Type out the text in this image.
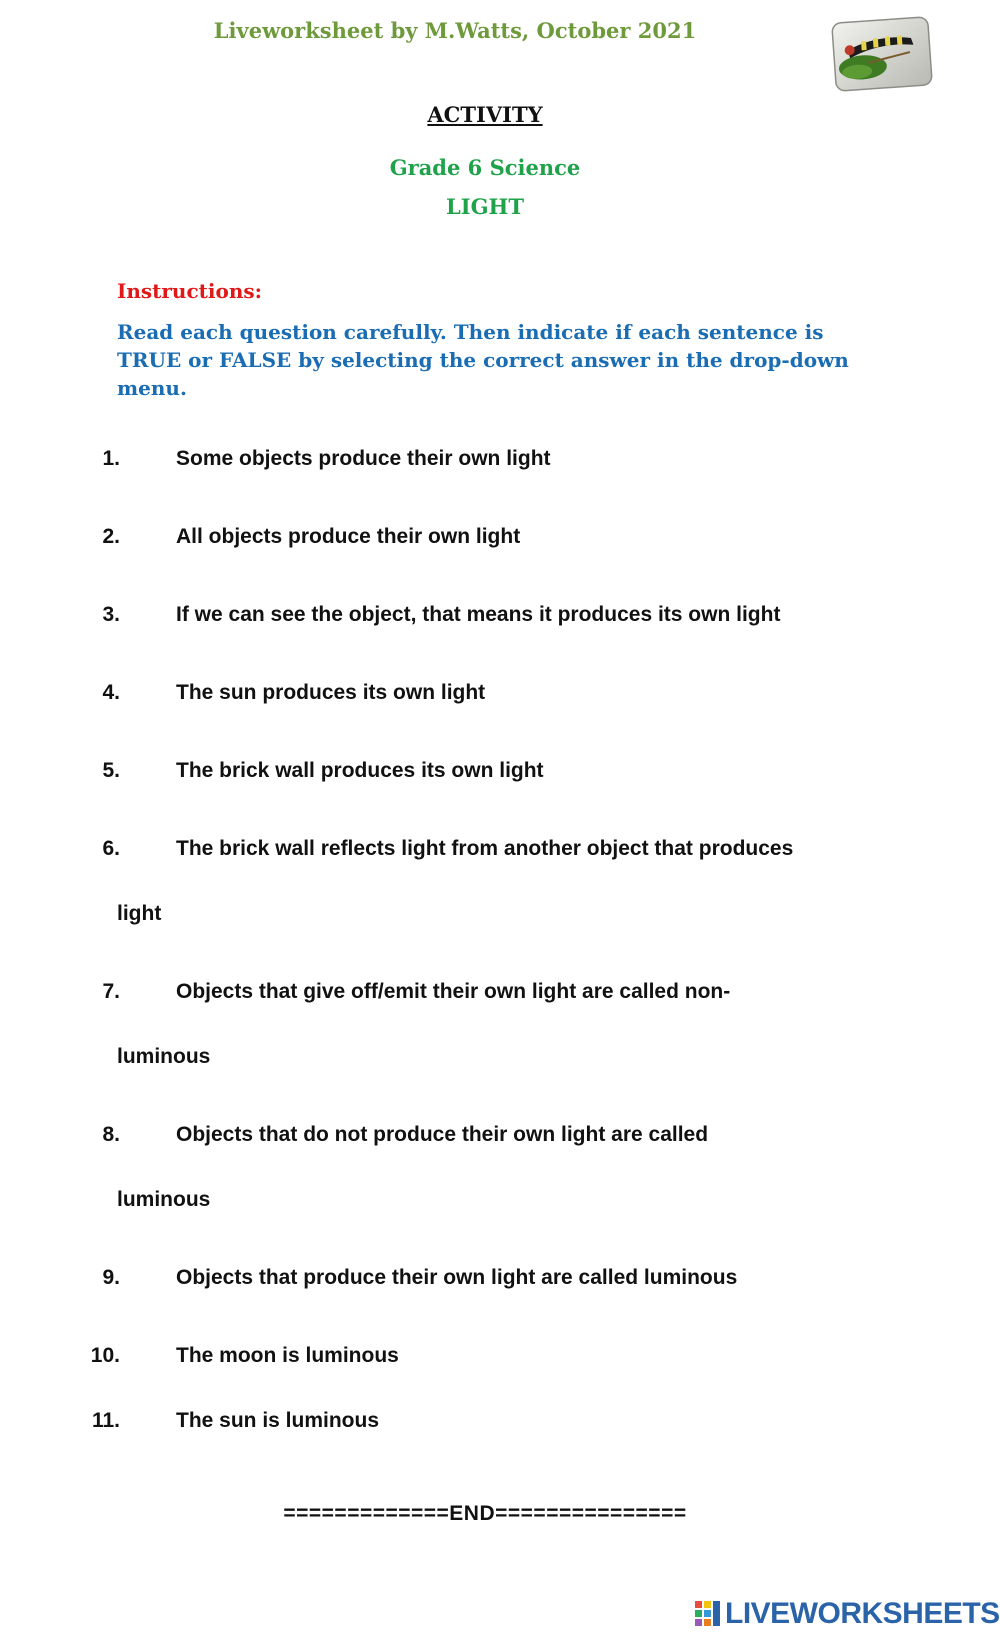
Liveworksheet by M.Watts, October 2021
ACTIVITY
Grade 6 Science
LIGHT
Instructions:
Read each question carefully. Then indicate if each sentence is TRUE or FALSE by selecting the correct answer in the drop-down menu.
1.	Some objects produce their own light
2.	All objects produce their own light
3.	If we can see the object, that means it produces its own light
4.	The sun produces its own light
5.	The brick wall produces its own light
6.	The brick wall reflects light from another object that produces
light
7.	Objects that give off/emit their own light are called non-
luminous
8.	Objects that do not produce their own light are called
luminous
9.	Objects that produce their own light are called luminous
10.	The moon is luminous
11.	The sun is luminous
=============END===============
LIVEWORKSHEETS
